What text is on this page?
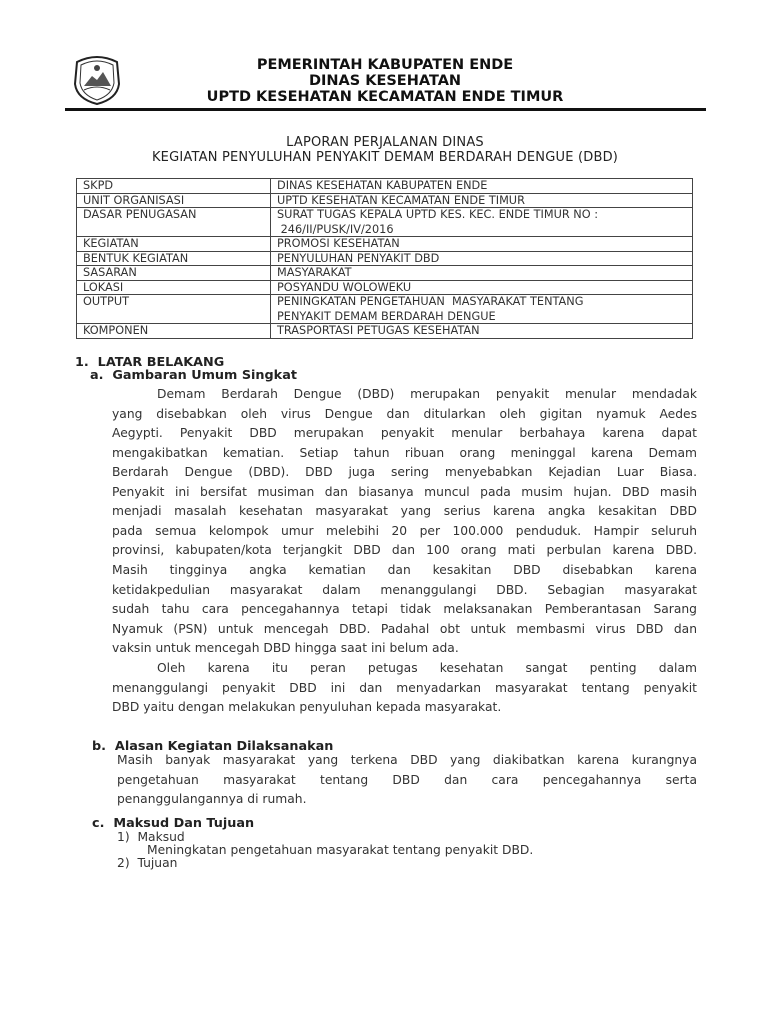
PEMERINTAH KABUPATEN ENDE
DINAS KESEHATAN
UPTD KESEHATAN KECAMATAN ENDE TIMUR
LAPORAN PERJALANAN DINAS
KEGIATAN PENYULUHAN PENYAKIT DEMAM BERDARAH DENGUE (DBD)
SKPD	DINAS KESEHATAN KABUPATEN ENDE

UNIT ORGANISASI	UPTD KESEHATAN KECAMATAN ENDE TIMUR

DASAR PENUGASAN	SURAT TUGAS KEPALA UPTD KES. KEC. ENDE TIMUR NO :
246/II/PUSK/IV/2016

KEGIATAN	PROMOSI KESEHATAN

BENTUK KEGIATAN	PENYULUHAN PENYAKIT DBD

SASARAN	MASYARAKAT

LOKASI	POSYANDU WOLOWEKU

OUTPUT	PENINGKATAN PENGETAHUAN  MASYARAKAT TENTANG
PENYAKIT DEMAM BERDARAH DENGUE

KOMPONEN	TRASPORTASI PETUGAS KESEHATAN
1.  LATAR BELAKANG
a.  Gambaran Umum Singkat
Demam Berdarah Dengue (DBD) merupakan penyakit menular mendadak
yang disebabkan oleh virus Dengue dan ditularkan oleh gigitan nyamuk Aedes
Aegypti. Penyakit DBD merupakan penyakit menular berbahaya karena dapat
mengakibatkan kematian. Setiap tahun ribuan orang meninggal karena Demam
Berdarah Dengue (DBD). DBD juga sering menyebabkan Kejadian Luar Biasa.
Penyakit ini bersifat musiman dan biasanya muncul pada musim hujan. DBD masih
menjadi masalah kesehatan masyarakat yang serius karena angka kesakitan DBD
pada semua kelompok umur melebihi 20 per 100.000 penduduk. Hampir seluruh
provinsi, kabupaten/kota terjangkit DBD dan 100 orang mati perbulan karena DBD.
Masih tingginya angka kematian dan kesakitan DBD disebabkan karena
ketidakpedulian masyarakat dalam menanggulangi DBD. Sebagian masyarakat
sudah tahu cara pencegahannya tetapi tidak melaksanakan Pemberantasan Sarang
Nyamuk (PSN) untuk mencegah DBD. Padahal obt untuk membasmi virus DBD dan
vaksin untuk mencegah DBD hingga saat ini belum ada.
Oleh karena itu peran petugas kesehatan sangat penting dalam
menanggulangi penyakit DBD ini dan menyadarkan masyarakat tentang penyakit
DBD yaitu dengan melakukan penyuluhan kepada masyarakat.
b.  Alasan Kegiatan Dilaksanakan
Masih banyak masyarakat yang terkena DBD yang diakibatkan karena kurangnya
pengetahuan masyarakat tentang DBD dan cara pencegahannya serta
penanggulangannya di rumah.
c.  Maksud Dan Tujuan
1)  Maksud
Meningkatan pengetahuan masyarakat tentang penyakit DBD.
2)  Tujuan
